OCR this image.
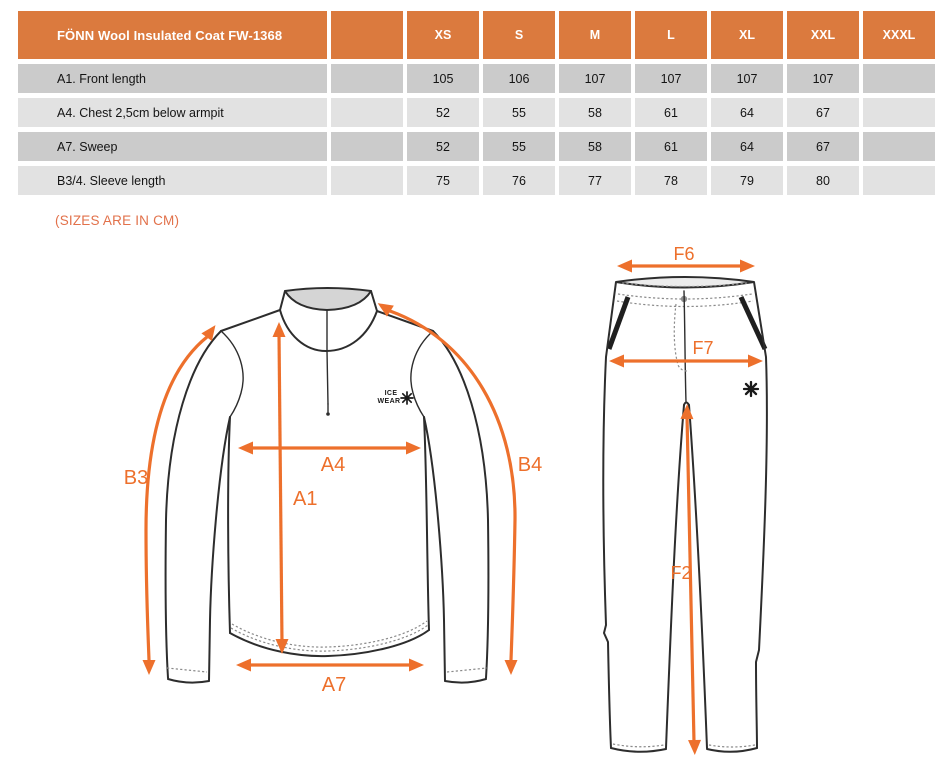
FÖNN Wool Insulated Coat FW-1368	XS	S	M	L	XL	XXL	XXXL
A1. Front length	105	106	107	107	107	107
A4. Chest 2,5cm below armpit	52	55	58	61	64	67
A7. Sweep	52	55	58	61	64	67
B3/4. Sleeve length	75	76	77	78	79	80
(SIZES ARE IN CM)
ICE
WEAR
A1
A4
A7
B3
B4
F6
F7
F2
